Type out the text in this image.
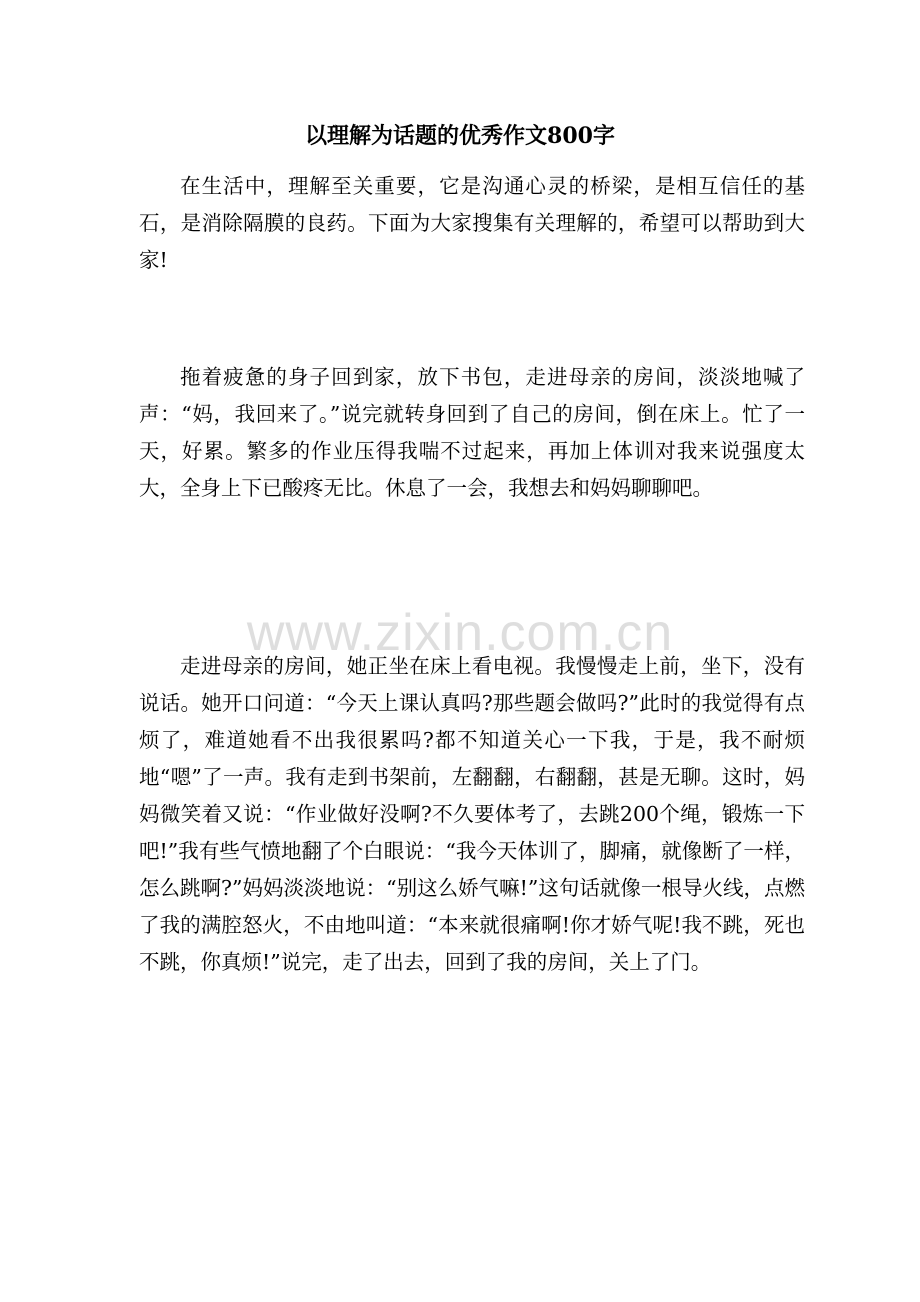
以理解为话题的优秀作文800字

在生活中，理解至关重要，它是沟通心灵的桥梁，是相互信任的基石，是消除隔膜的良药。下面为大家搜集有关理解的，希望可以帮助到大家!

拖着疲惫的身子回到家，放下书包，走进母亲的房间，淡淡地喊了声：“妈，我回来了。”说完就转身回到了自己的房间，倒在床上。忙了一天，好累。繁多的作业压得我喘不过起来，再加上体训对我来说强度太大，全身上下已酸疼无比。休息了一会，我想去和妈妈聊聊吧。

www.zixin.com.cn

走进母亲的房间，她正坐在床上看电视。我慢慢走上前，坐下，没有说话。她开口问道：“今天上课认真吗?那些题会做吗?”此时的我觉得有点烦了，难道她看不出我很累吗?都不知道关心一下我，于是，我不耐烦地“嗯”了一声。我有走到书架前，左翻翻，右翻翻，甚是无聊。这时，妈妈微笑着又说：“作业做好没啊?不久要体考了，去跳200个绳，锻炼一下吧!”我有些气愤地翻了个白眼说：“我今天体训了，脚痛，就像断了一样，怎么跳啊?”妈妈淡淡地说：“别这么娇气嘛!”这句话就像一根导火线，点燃了我的满腔怒火，不由地叫道：“本来就很痛啊!你才娇气呢!我不跳，死也不跳，你真烦!”说完，走了出去，回到了我的房间，关上了门。
